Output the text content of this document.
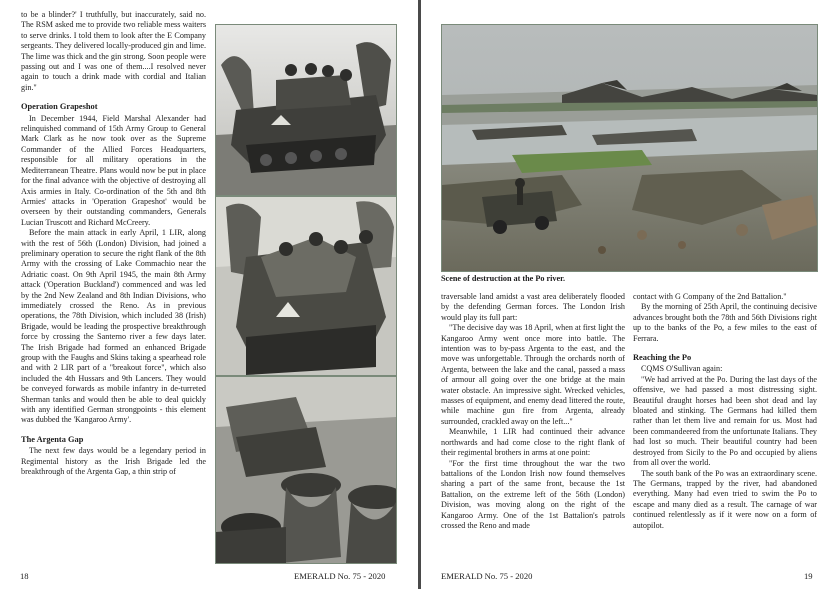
to be a blinder?' I truthfully, but inaccurately, said no. The RSM asked me to provide two reliable mess waiters to serve drinks. I told them to look after the E Company sergeants. They delivered locally-produced gin and lime. The lime was thick and the gin strong. Soon people were passing out and I was one of them....I resolved never again to touch a drink made with cordial and Italian gin."

Operation Grapeshot

In December 1944, Field Marshal Alexander had relinquished command of 15th Army Group to General Mark Clark as he now took over as the Supreme Commander of the Allied Forces Headquarters, responsible for all military operations in the Mediterranean Theatre. Plans would now be put in place for the final advance with the objective of destroying all Axis armies in Italy. Co-ordination of the 5th and 8th Armies' attacks in 'Operation Grapeshot' would be overseen by their outstanding commanders, Generals Lucian Truscott and Richard McCreery.

Before the main attack in early April, 1 LIR, along with the rest of 56th (London) Division, had joined a preliminary operation to secure the right flank of the 8th Army with the crossing of Lake Commachio near the Adriatic coast. On 9th April 1945, the main 8th Army attack ('Operation Buckland') commenced and was led by the 2nd New Zealand and 8th Indian Divisions, who immediately crossed the Reno. As in previous operations, the 78th Division, which included 38 (Irish) Brigade, would be leading the prospective breakthrough force by crossing the Santerno river a few days later. The Irish Brigade had formed an enhanced Brigade group with the Faughs and Skins taking a spearhead role and with 2 LIR part of a "breakout force", which also included the 4th Hussars and 9th Lancers. They would be conveyed forwards as mobile infantry in de-turreted Sherman tanks and would then be able to deal quickly with any identified German strongpoints - this element was dubbed the 'Kangaroo Army'.

The Argenta Gap

The next few days would be a legendary period in Regimental history as the Irish Brigade led the breakthrough of the Argenta Gap, a thin strip of

18	EMERALD No. 75 - 2020
Scene of destruction at the Po river.

traversable land amidst a vast area deliberately flooded by the defending German forces. The London Irish would play its full part:

"The decisive day was 18 April, when at first light the Kangaroo Army went once more into battle. The intention was to by-pass Argenta to the east, and the move was unforgettable. Through the orchards north of Argenta, between the lake and the canal, passed a mass of armour all going over the one bridge at the main water obstacle. An impressive sight. Wrecked vehicles, masses of equipment, and enemy dead littered the route, while machine gun fire from Argenta, already surrounded, crackled away on the left..."

Meanwhile, 1 LIR had continued their advance northwards and had come close to the right flank of their regimental brothers in arms at one point:

"For the first time throughout the war the two battalions of the London Irish now found themselves sharing a part of the same front, because the 1st Battalion, on the extreme left of the 56th (London) Division, was moving along on the right of the Kangaroo Army. One of the 1st Battalion's patrols crossed the Reno and made

contact with G Company of the 2nd Battalion."

By the morning of 25th April, the continuing decisive advances brought both the 78th and 56th Divisions right up to the banks of the Po, a few miles to the east of Ferrara.

Reaching the Po

CQMS O'Sullivan again:

"We had arrived at the Po. During the last days of the offensive, we had passed a most distressing sight. Beautiful draught horses had been shot dead and lay bloated and stinking. The Germans had killed them rather than let them live and remain for us. Most had been commandeered from the unfortunate Italians. They had lost so much. Their beautiful country had been destroyed from Sicily to the Po and occupied by aliens from all over the world.

The south bank of the Po was an extraordinary scene. The Germans, trapped by the river, had abandoned everything. Many had even tried to swim the Po to escape and many died as a result. The carnage of war continued relentlessly as if it were now on a form of autopilot.

EMERALD No. 75 - 2020	19
